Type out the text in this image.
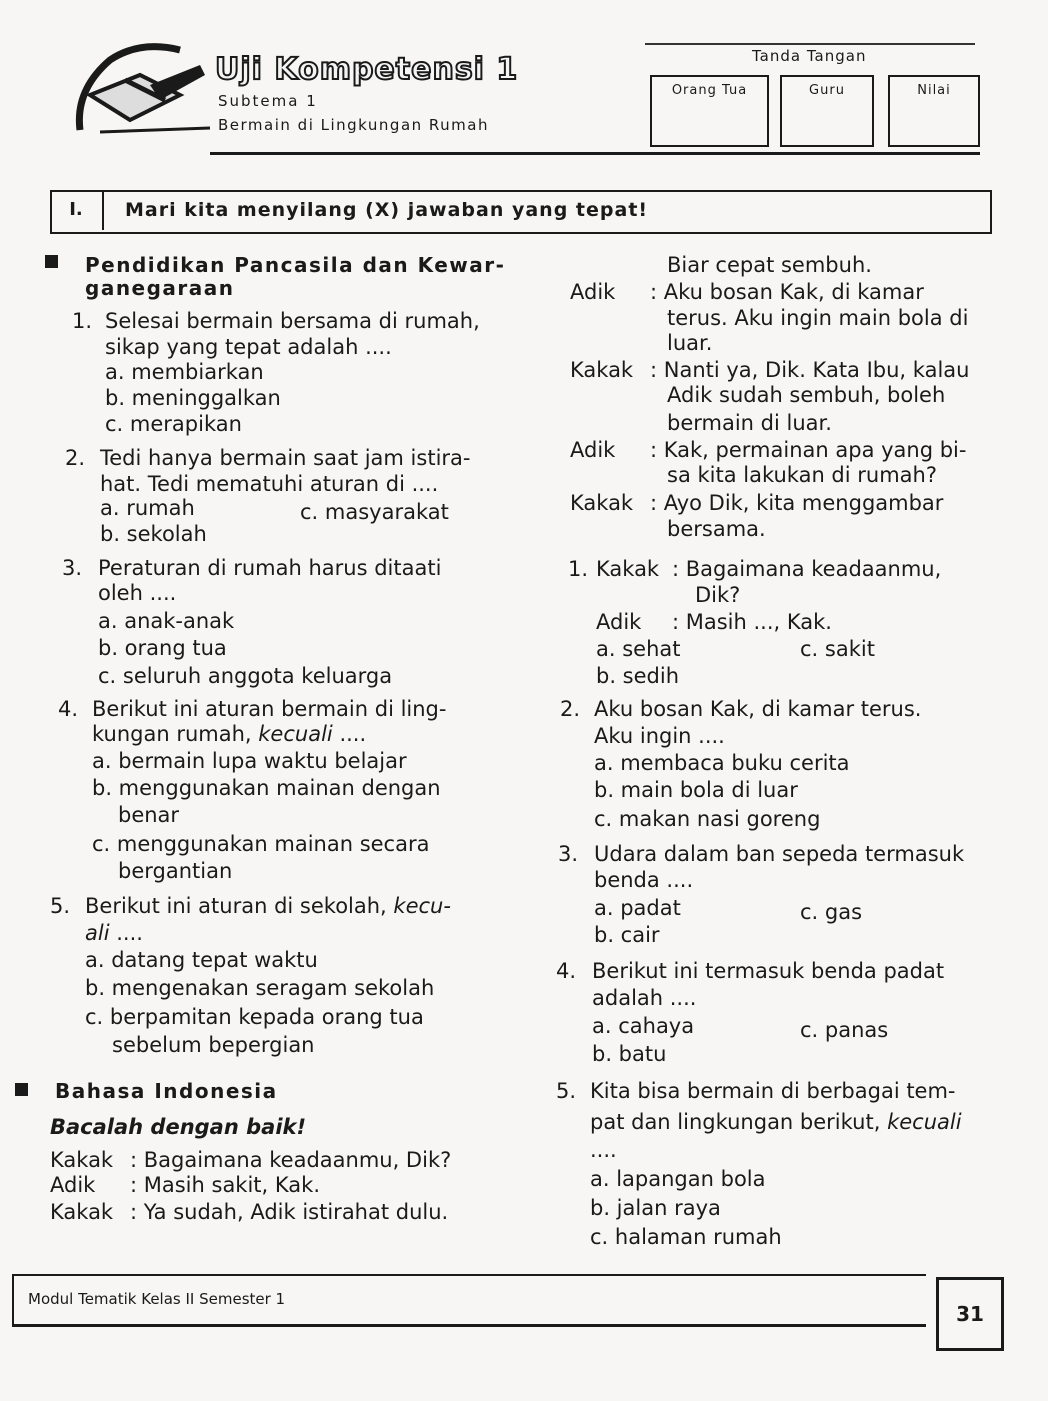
Uji Kompetensi 1
Subtema 1
Bermain di Lingkungan Rumah
Tanda Tangan
Orang Tua	Guru	Nilai
I.	Mari kita menyilang (X) jawaban yang tepat!
Pendidikan Pancasila dan Kewar-
ganegaraan
1. Selesai bermain bersama di rumah,
sikap yang tepat adalah ....
a. membiarkan
b. meninggalkan
c. merapikan
2. Tedi hanya bermain saat jam istira-
hat. Tedi mematuhi aturan di ....
a. rumah	c. masyarakat
b. sekolah
3. Peraturan di rumah harus ditaati
oleh ....
a. anak-anak
b. orang tua
c. seluruh anggota keluarga
4. Berikut ini aturan bermain di ling-
kungan rumah, kecuali ....
a. bermain lupa waktu belajar
b. menggunakan mainan dengan
benar
c. menggunakan mainan secara
bergantian
5. Berikut ini aturan di sekolah, kecu-
ali ....
a. datang tepat waktu
b. mengenakan seragam sekolah
c. berpamitan kepada orang tua
sebelum bepergian
Bahasa Indonesia
Bacalah dengan baik!
Kakak : Bagaimana keadaanmu, Dik?
Adik : Masih sakit, Kak.
Kakak : Ya sudah, Adik istirahat dulu.
Biar cepat sembuh.
Adik : Aku bosan Kak, di kamar
terus. Aku ingin main bola di
luar.
Kakak : Nanti ya, Dik. Kata Ibu, kalau
Adik sudah sembuh, boleh
bermain di luar.
Adik : Kak, permainan apa yang bi-
sa kita lakukan di rumah?
Kakak : Ayo Dik, kita menggambar
bersama.
1. Kakak : Bagaimana keadaanmu,
Dik?
Adik : Masih ..., Kak.
a. sehat	c. sakit
b. sedih
2. Aku bosan Kak, di kamar terus.
Aku ingin ....
a. membaca buku cerita
b. main bola di luar
c. makan nasi goreng
3. Udara dalam ban sepeda termasuk
benda ....
a. padat	c. gas
b. cair
4. Berikut ini termasuk benda padat
adalah ....
a. cahaya	c. panas
b. batu
5. Kita bisa bermain di berbagai tem-
pat dan lingkungan berikut, kecuali
....
a. lapangan bola
b. jalan raya
c. halaman rumah
Modul Tematik Kelas II Semester 1
31
